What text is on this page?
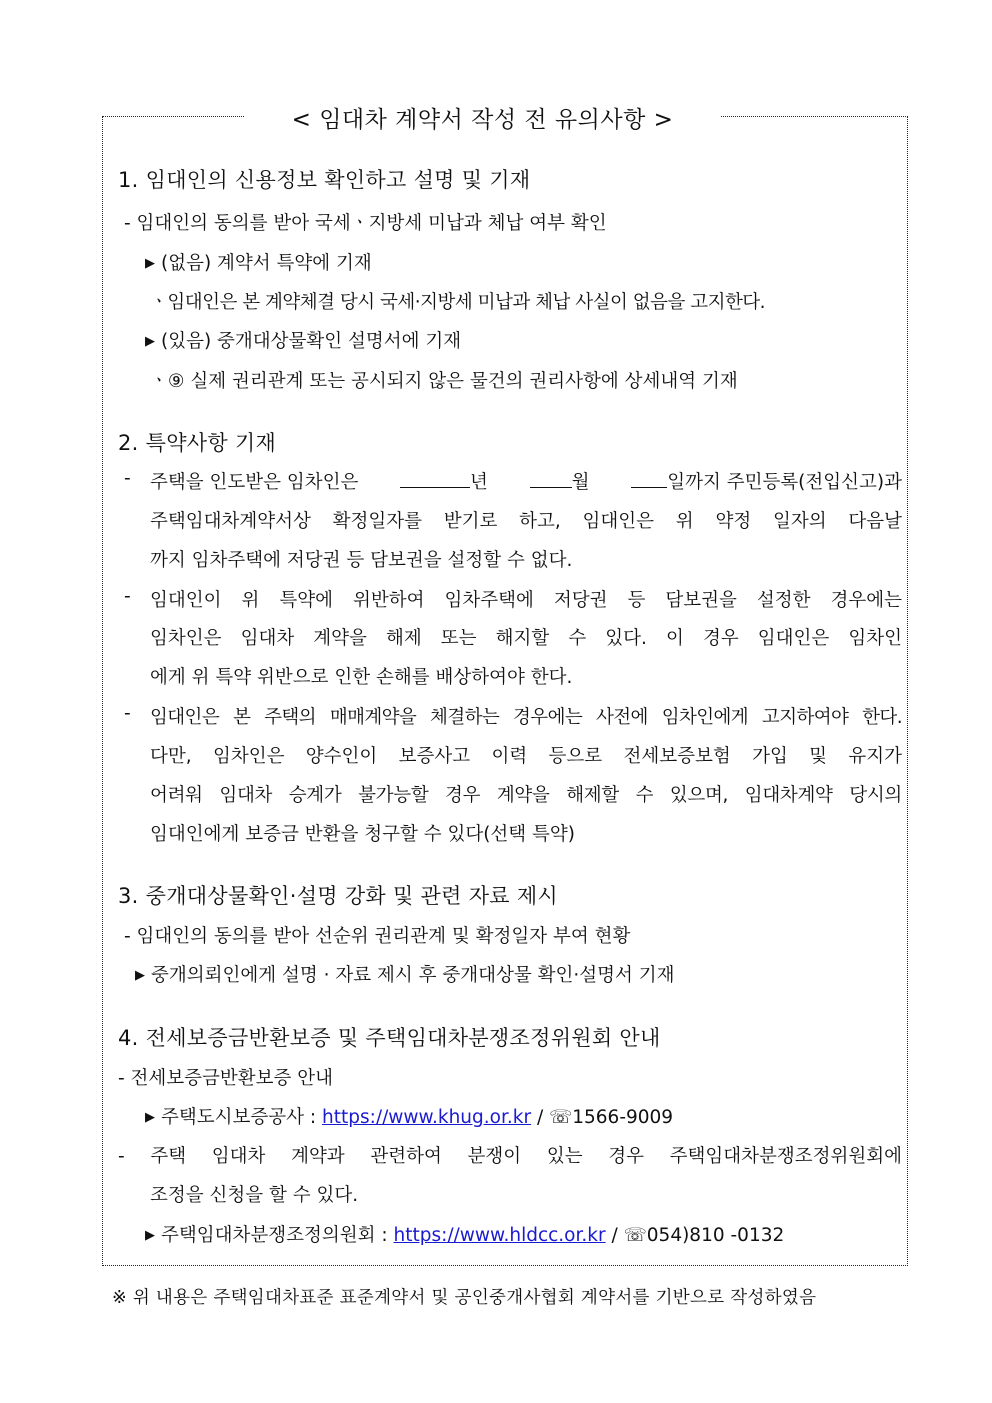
< 임대차 계약서 작성 전 유의사항 >
1. 임대인의 신용정보 확인하고 설명 및 기재
- 임대인의 동의를 받아 국세ㆍ지방세 미납과 체납 여부 확인
▶ (없음) 계약서 특약에 기재
ㆍ임대인은 본 계약체결 당시 국세·지방세 미납과 체납 사실이 없음을 고지한다.
▶ (있음) 중개대상물확인 설명서에 기재
ㆍ⑨ 실제 권리관계 또는 공시되지 않은 물건의 권리사항에 상세내역 기재
2. 특약사항 기재
- 주택을 인도받은 임차인은	년	월	일까지 주민등록(전입신고)과
주택임대차계약서상 확정일자를 받기로 하고, 임대인은 위 약정 일자의 다음날
까지 임차주택에 저당권 등 담보권을 설정할 수 없다.
- 임대인이 위 특약에 위반하여 임차주택에 저당권 등 담보권을 설정한 경우에는
임차인은 임대차 계약을 해제 또는 해지할 수 있다. 이 경우 임대인은 임차인
에게 위 특약 위반으로 인한 손해를 배상하여야 한다.
- 임대인은 본 주택의 매매계약을 체결하는 경우에는 사전에 임차인에게 고지하여야 한다.
다만, 임차인은 양수인이 보증사고 이력 등으로 전세보증보험 가입 및 유지가
어려워 임대차 승계가 불가능할 경우 계약을 해제할 수 있으며, 임대차계약 당시의
임대인에게 보증금 반환을 청구할 수 있다(선택 특약)
3. 중개대상물확인·설명 강화 및 관련 자료 제시
- 임대인의 동의를 받아 선순위 권리관계 및 확정일자 부여 현황
▶ 중개의뢰인에게 설명 · 자료 제시 후 중개대상물 확인·설명서 기재
4. 전세보증금반환보증 및 주택임대차분쟁조정위원회 안내
- 전세보증금반환보증 안내
▶ 주택도시보증공사 : https://www.khug.or.kr / ☏1566-9009
- 주택 임대차 계약과 관련하여 분쟁이 있는 경우 주택임대차분쟁조정위원회에
조정을 신청을 할 수 있다.
▶ 주택임대차분쟁조정의원회 : https://www.hldcc.or.kr / ☏054)810 -0132
※ 위 내용은 주택임대차표준 표준계약서 및 공인중개사협회 계약서를 기반으로 작성하였음
